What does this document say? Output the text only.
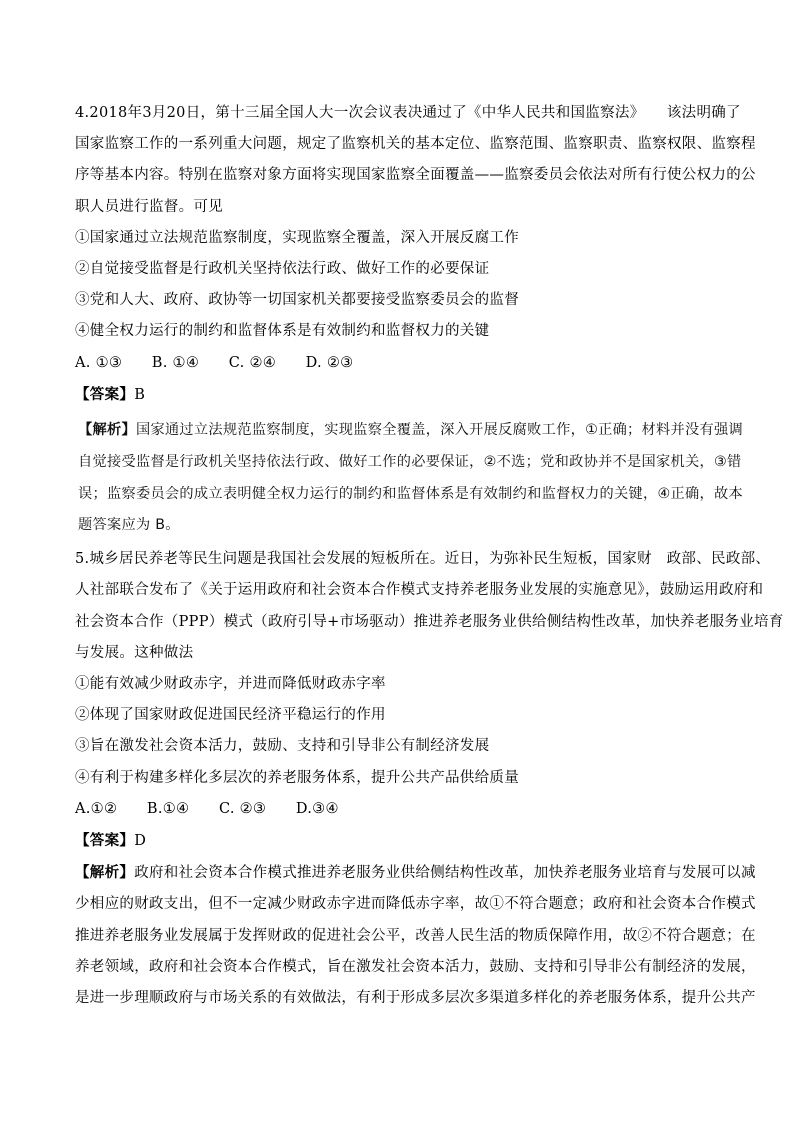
4.2018年3月20日，第十三届全国人大一次会议表决通过了《中华人民共和国监察法》　　该法明确了
国家监察工作的一系列重大问题，规定了监察机关的基本定位、监察范围、监察职责、监察权限、监察程
序等基本内容。特别在监察对象方面将实现国家监察全面覆盖——监察委员会依法对所有行使公权力的公
职人员进行监督。可见
①国家通过立法规范监察制度，实现监察全覆盖，深入开展反腐工作
②自觉接受监督是行政机关坚持依法行政、做好工作的必要保证
③党和人大、政府、政协等一切国家机关都要接受监察委员会的监督
④健全权力运行的制约和监督体系是有效制约和监督权力的关键
A. ①③　　B. ①④　　C. ②④　　D. ②③
【答案】B
【解析】国家通过立法规范监察制度，实现监察全覆盖，深入开展反腐败工作，①正确；材料并没有强调
自觉接受监督是行政机关坚持依法行政、做好工作的必要保证，②不选；党和政协并不是国家机关，③错
误；监察委员会的成立表明健全权力运行的制约和监督体系是有效制约和监督权力的关键，④正确，故本
题答案应为 B。
5.城乡居民养老等民生问题是我国社会发展的短板所在。近日，为弥补民生短板，国家财　政部、民政部、
人社部联合发布了《关于运用政府和社会资本合作模式支持养老服务业发展的实施意见》，鼓励运用政府和
社会资本合作（PPP）模式（政府引导+市场驱动）推进养老服务业供给侧结构性改革，加快养老服务业培育
与发展。这种做法
①能有效减少财政赤字，并进而降低财政赤字率
②体现了国家财政促进国民经济平稳运行的作用
③旨在激发社会资本活力，鼓励、支持和引导非公有制经济发展
④有利于构建多样化多层次的养老服务体系，提升公共产品供给质量
A.①②　　B.①④　　C. ②③　　D.③④
【答案】D
【解析】政府和社会资本合作模式推进养老服务业供给侧结构性改革，加快养老服务业培育与发展可以减
少相应的财政支出，但不一定减少财政赤字进而降低赤字率，故①不符合题意；政府和社会资本合作模式
推进养老服务业发展属于发挥财政的促进社会公平，改善人民生活的物质保障作用，故②不符合题意；在
养老领域，政府和社会资本合作模式，旨在激发社会资本活力，鼓励、支持和引导非公有制经济的发展，
是进一步理顺政府与市场关系的有效做法，有利于形成多层次多渠道多样化的养老服务体系，提升公共产
